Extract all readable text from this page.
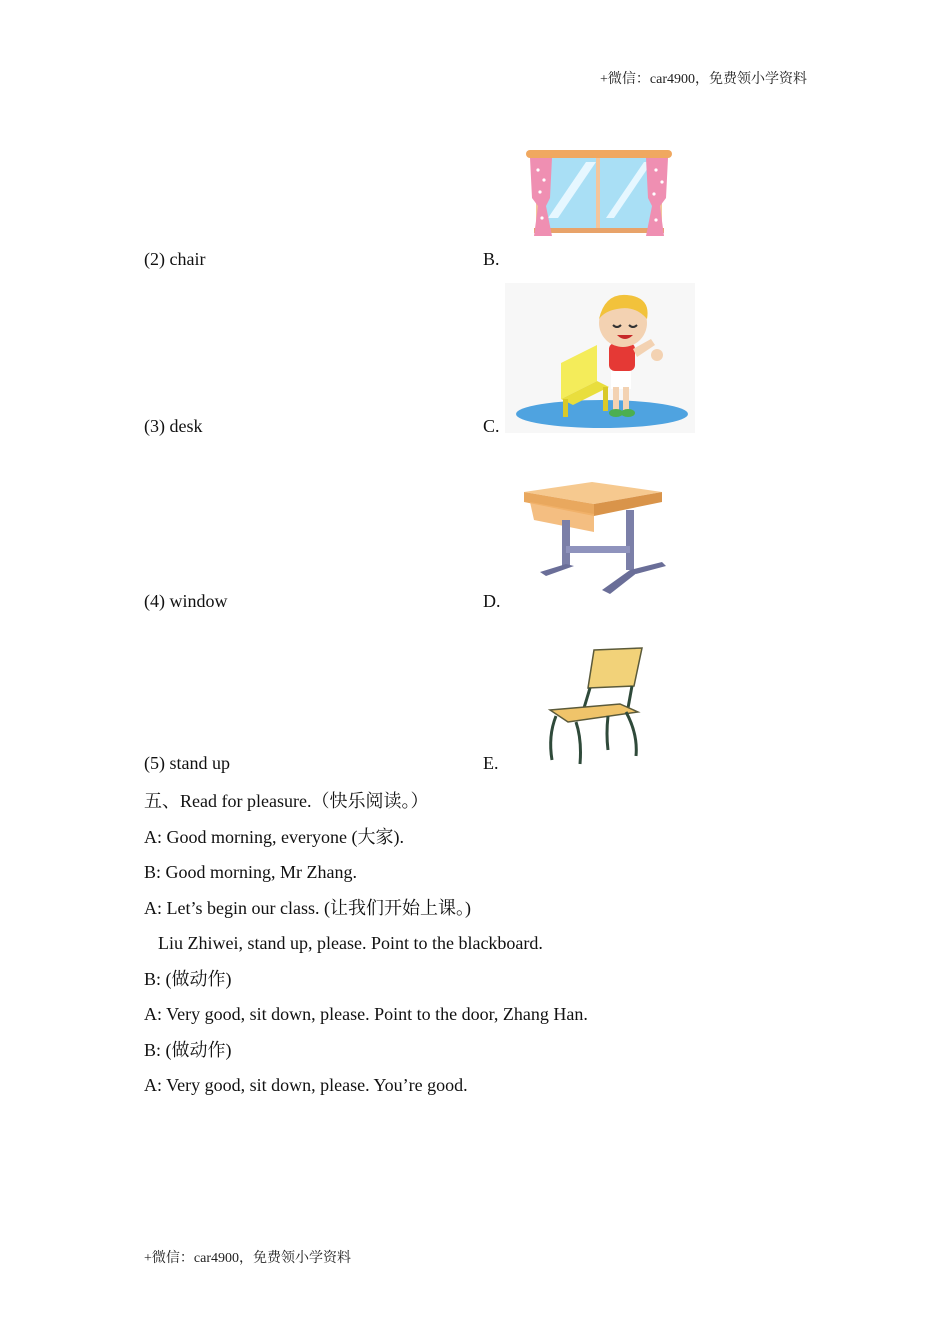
+微信：car4900，免费领小学资料
(2) chair	B.
(3) desk	C.
(4) window	D.
(5) stand up	E.
五、Read for pleasure.（快乐阅读。）
A: Good morning, everyone (大家).
B: Good morning, Mr Zhang.
A: Let’s begin our class. (让我们开始上课。)
Liu Zhiwei, stand up, please. Point to the blackboard.
B: (做动作)
A: Very good, sit down, please. Point to the door, Zhang Han.
B: (做动作)
A: Very good, sit down, please. You’re good.
+微信：car4900，免费领小学资料
